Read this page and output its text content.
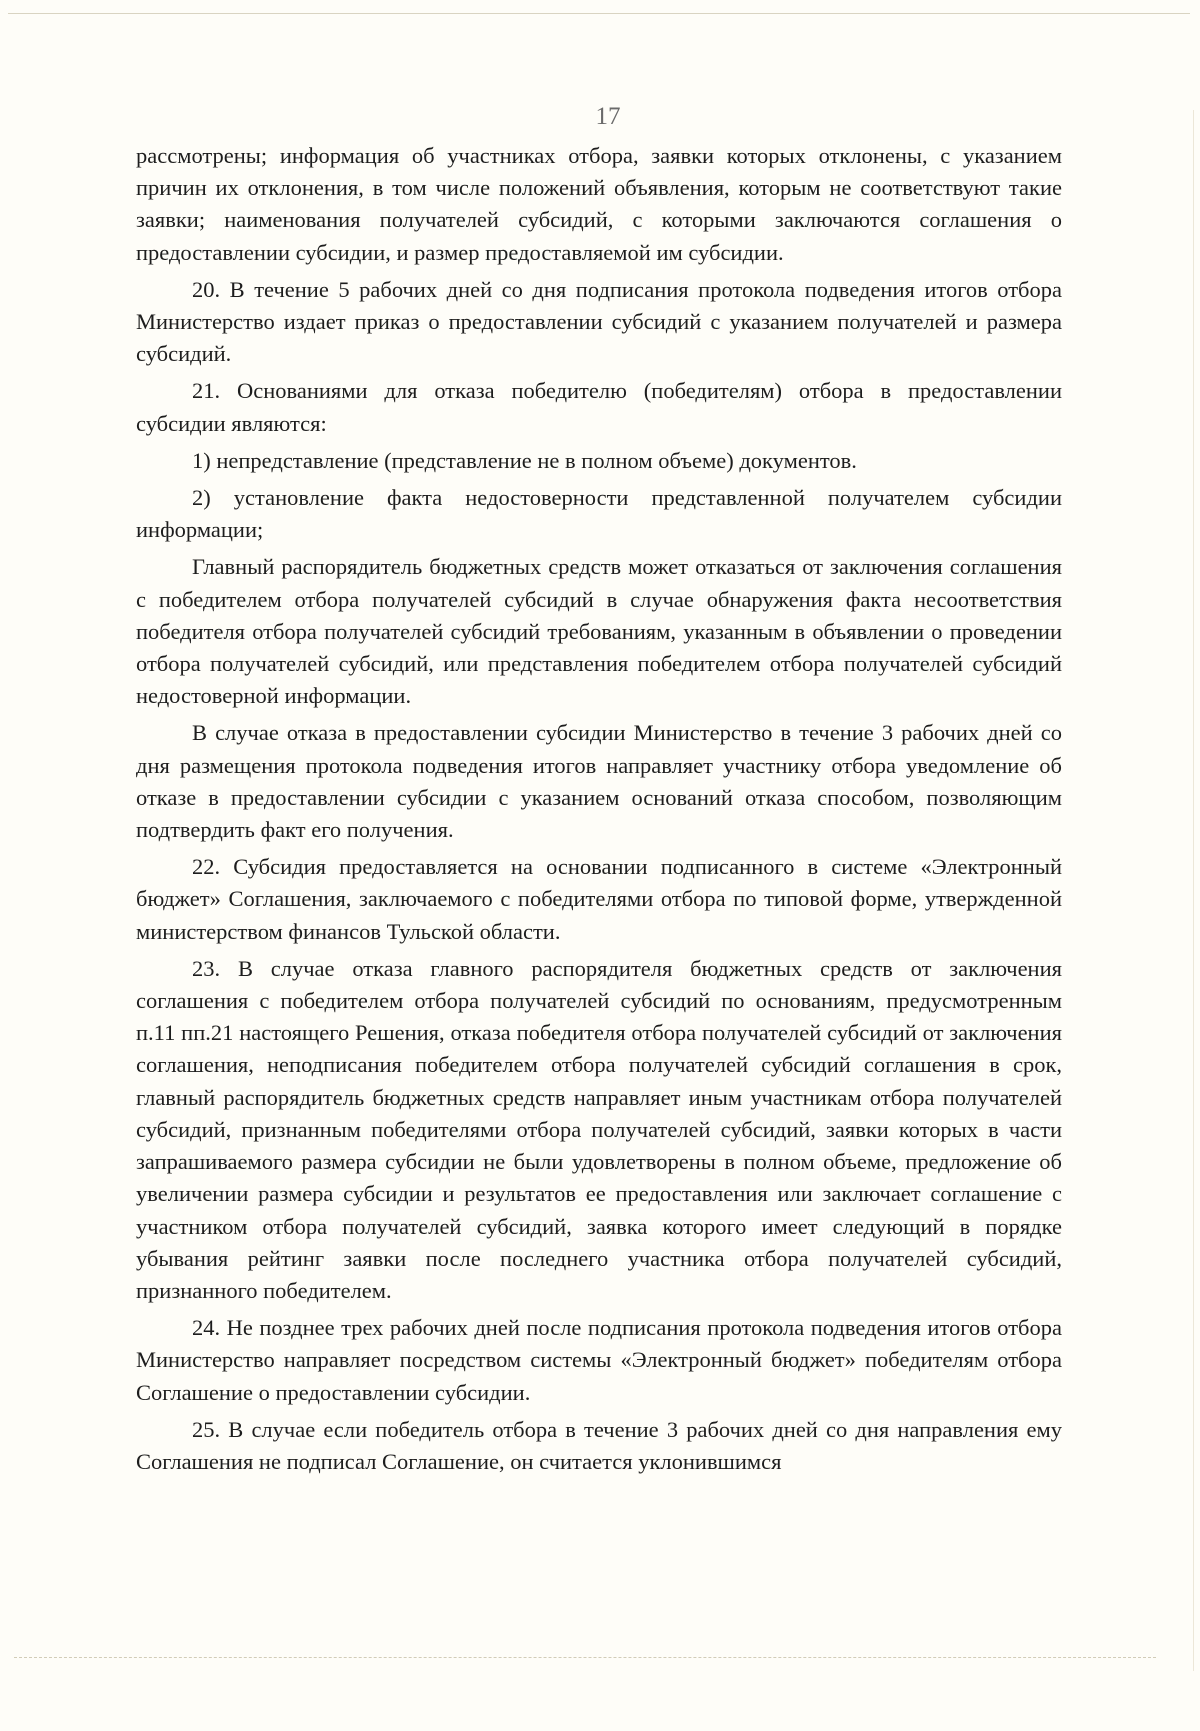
17

рассмотрены; информация об участниках отбора, заявки которых отклонены, с указанием причин их отклонения, в том числе положений объявления, которым не соответствуют такие заявки; наименования получателей субсидий, с которыми заключаются соглашения о предоставлении субсидии, и размер предоставляемой им субсидии.

20. В течение 5 рабочих дней со дня подписания протокола подведения итогов отбора Министерство издает приказ о предоставлении субсидий с указанием получателей и размера субсидий.

21. Основаниями для отказа победителю (победителям) отбора в предоставлении субсидии являются:

1) непредставление (представление не в полном объеме) документов.

2) установление факта недостоверности представленной получателем субсидии информации;

Главный распорядитель бюджетных средств может отказаться от заключения соглашения с победителем отбора получателей субсидий в случае обнаружения факта несоответствия победителя отбора получателей субсидий требованиям, указанным в объявлении о проведении отбора получателей субсидий, или представления победителем отбора получателей субсидий недостоверной информации.

В случае отказа в предоставлении субсидии Министерство в течение 3 рабочих дней со дня размещения протокола подведения итогов направляет участнику отбора уведомление об отказе в предоставлении субсидии с указанием оснований отказа способом, позволяющим подтвердить факт его получения.

22. Субсидия предоставляется на основании подписанного в системе «Электронный бюджет» Соглашения, заключаемого с победителями отбора по типовой форме, утвержденной министерством финансов Тульской области.

23. В случае отказа главного распорядителя бюджетных средств от заключения соглашения с победителем отбора получателей субсидий по основаниям, предусмотренным п.11 пп.21 настоящего Решения, отказа победителя отбора получателей субсидий от заключения соглашения, неподписания победителем отбора получателей субсидий соглашения в срок, главный распорядитель бюджетных средств направляет иным участникам отбора получателей субсидий, признанным победителями отбора получателей субсидий, заявки которых в части запрашиваемого размера субсидии не были удовлетворены в полном объеме, предложение об увеличении размера субсидии и результатов ее предоставления или заключает соглашение с участником отбора получателей субсидий, заявка которого имеет следующий в порядке убывания рейтинг заявки после последнего участника отбора получателей субсидий, признанного победителем.

24. Не позднее трех рабочих дней после подписания протокола подведения итогов отбора Министерство направляет посредством системы «Электронный бюджет» победителям отбора Соглашение о предоставлении субсидии.

25. В случае если победитель отбора в течение 3 рабочих дней со дня направления ему Соглашения не подписал Соглашение, он считается уклонившимся
